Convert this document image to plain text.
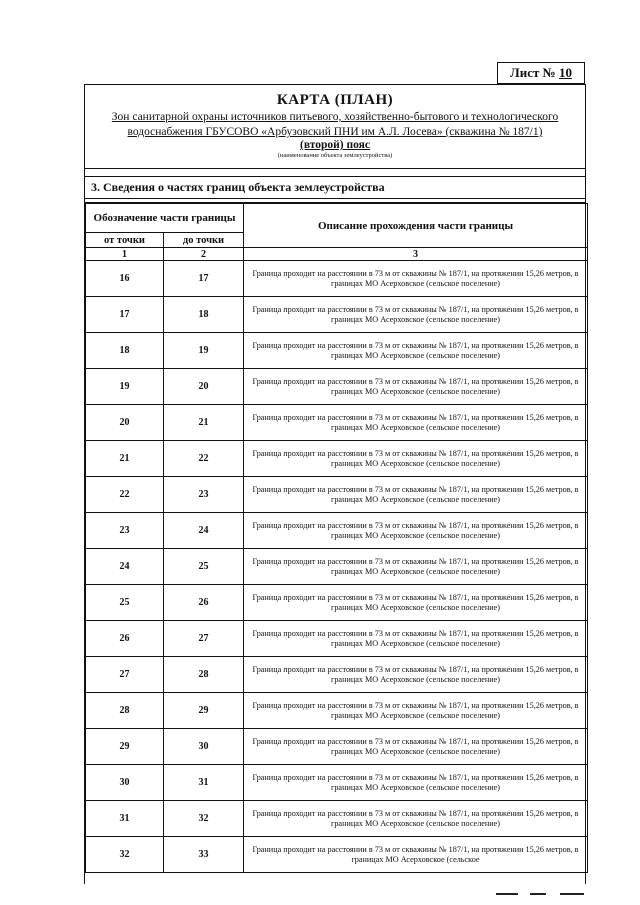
Лист № 10
КАРТА (ПЛАН)
Зон санитарной охраны источников питьевого, хозяйственно-бытового и технологического
водоснабжения ГБУСОВО «Арбузовский ПНИ им А.Л. Лосева» (скважина № 187/1)
(второй) пояс
(наименование объекта землеустройства)
3. Сведения о частях границ объекта землеустройства
Обозначение части границы		Описание прохождения части границы
от точки	до точки	
1	2	3
16	17	Граница проходит на расстоянии в 73 м от скважины № 187/1, на протяжении 15,26 метров, в границах МО Асерховское (сельское поселение)
17	18	Граница проходит на расстоянии в 73 м от скважины № 187/1, на протяжении 15,26 метров, в границах МО Асерховское (сельское поселение)
18	19	Граница проходит на расстоянии в 73 м от скважины № 187/1, на протяжении 15,26 метров, в границах МО Асерховское (сельское поселение)
19	20	Граница проходит на расстоянии в 73 м от скважины № 187/1, на протяжении 15,26 метров, в границах МО Асерховское (сельское поселение)
20	21	Граница проходит на расстоянии в 73 м от скважины № 187/1, на протяжении 15,26 метров, в границах МО Асерховское (сельское поселение)
21	22	Граница проходит на расстоянии в 73 м от скважины № 187/1, на протяжении 15,26 метров, в границах МО Асерховское (сельское поселение)
22	23	Граница проходит на расстоянии в 73 м от скважины № 187/1, на протяжении 15,26 метров, в границах МО Асерховское (сельское поселение)
23	24	Граница проходит на расстоянии в 73 м от скважины № 187/1, на протяжении 15,26 метров, в границах МО Асерховское (сельское поселение)
24	25	Граница проходит на расстоянии в 73 м от скважины № 187/1, на протяжении 15,26 метров, в границах МО Асерховское (сельское поселение)
25	26	Граница проходит на расстоянии в 73 м от скважины № 187/1, на протяжении 15,26 метров, в границах МО Асерховское (сельское поселение)
26	27	Граница проходит на расстоянии в 73 м от скважины № 187/1, на протяжении 15,26 метров, в границах МО Асерховское (сельское поселение)
27	28	Граница проходит на расстоянии в 73 м от скважины № 187/1, на протяжении 15,26 метров, в границах МО Асерховское (сельское поселение)
28	29	Граница проходит на расстоянии в 73 м от скважины № 187/1, на протяжении 15,26 метров, в границах МО Асерховское (сельское поселение)
29	30	Граница проходит на расстоянии в 73 м от скважины № 187/1, на протяжении 15,26 метров, в границах МО Асерховское (сельское поселение)
30	31	Граница проходит на расстоянии в 73 м от скважины № 187/1, на протяжении 15,26 метров, в границах МО Асерховское (сельское поселение)
31	32	Граница проходит на расстоянии в 73 м от скважины № 187/1, на протяжении 15,26 метров, в границах МО Асерховское (сельское поселение)
32	33	Граница проходит на расстоянии в 73 м от скважины № 187/1, на протяжении 15,26 метров, в границах МО Асерховское (сельское
